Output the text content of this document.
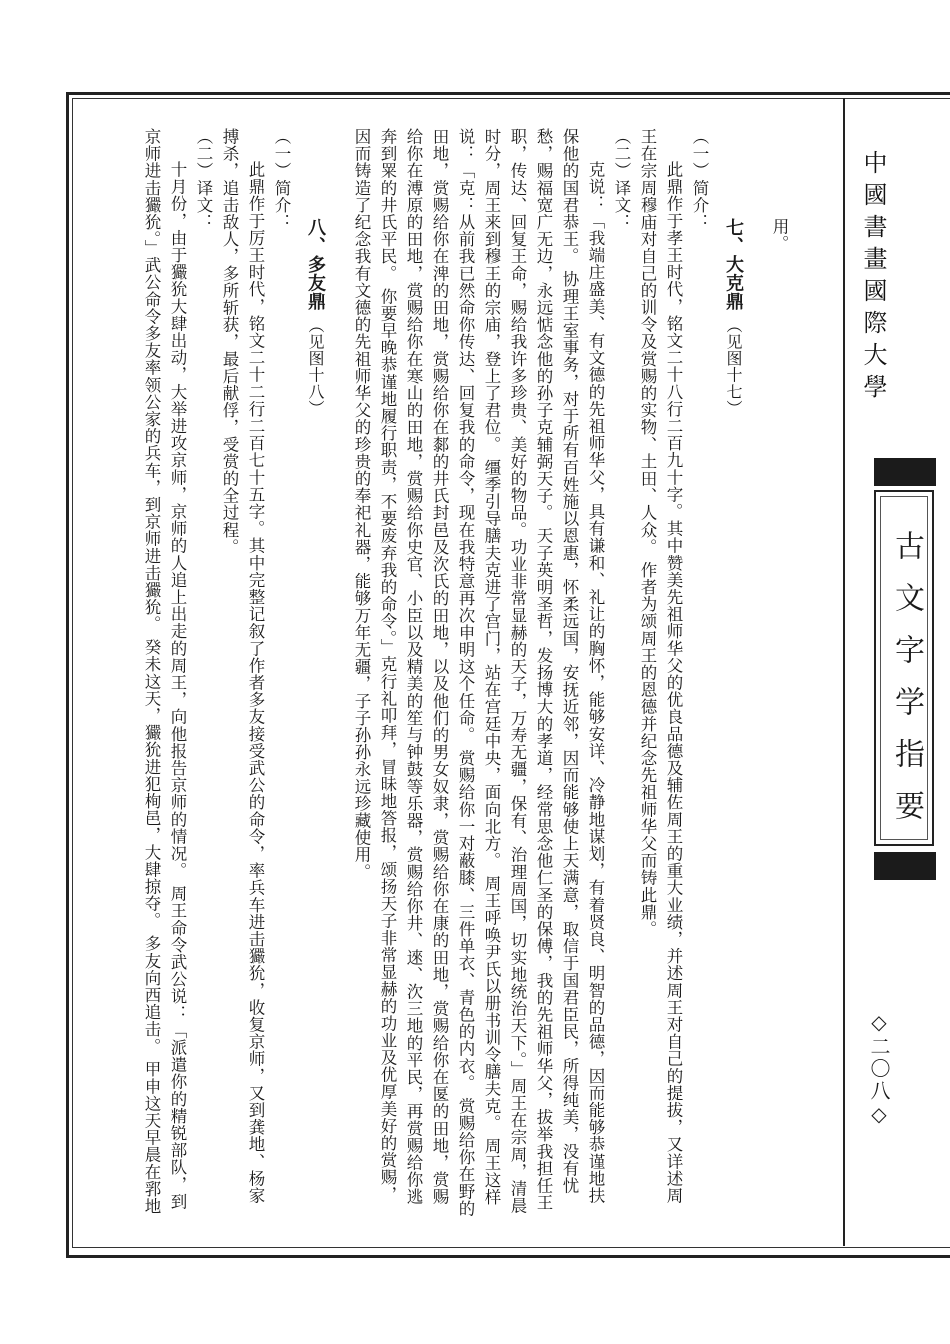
中國書畫國際大學
古文字学指要
◇二〇八◇

用。

七、大克鼎 （见图十七）

（一）简介：

此鼎作于孝王时代，铭文二十八行二百九十字。其中赞美先祖师华父的优良品德及辅佐周王的重大业绩，并述周王对自己的提拔，又详述周王在宗周穆庙对自己的训令及赏赐的实物、土田、人众。 作者为颂周王的恩德并纪念先祖师华父而铸此鼎。

（二）译文：

克说：「我端庄盛美、有文德的先祖师华父，具有谦和、礼让的胸怀，能够安详、冷静地谋划，有着贤良、明智的品德，因而能够恭谨地扶保他的国君恭王。 协理王室事务，对于所有百姓施以恩惠，怀柔远国，安抚近邻，因而能够使上天满意，取信于国君臣民，所得纯美，没有忧愁，赐福宽广无边，永远惦念他的孙子克辅弼天子。 天子英明圣哲，发扬博大的孝道，经常思念他仁圣的保傅，我的先祖师华父，拔举我担任王职，传达、回复王命，赐给我许多珍贵、美好的物品。功业非常显赫的天子，万寿无疆，保有、治理周国，切实地统治天下。」周王在宗周，清晨时分，周王来到穆王的宗庙，登上了君位。 缰季引导膳夫克进了宫门，站在宫廷中央，面向北方。 周王呼唤尹氏以册书训令膳夫克。 周王这样说：「克：从前我已然命你传达、回复我的命令，现在我特意再次申明这个任命。 赏赐给你一对蔽膝、三件单衣、青色的内衣。 赏赐给你在野的田地，赏赐给你在渒的田地，赏赐给你在䣛的井氏封邑及㳄氏的田地，以及他们的男女奴隶，赏赐给你在康的田地，赏赐给你在匽的田地，赏赐给你在溥原的田地，赏赐给你在寒山的田地，赏赐给你史官、小臣以及精美的笙与钟鼓等乐器，赏赐给你井、逨、㳄三地的平民，再赏赐给你逃奔到䍘的井氏平民。 你要早晚恭谨地履行职责，不要废弃我的命令。」克行礼叩拜，冒昧地答报，颂扬天子非常显赫的功业及优厚美好的赏赐，因而铸造了纪念我有文德的先祖师华父的珍贵的奉祀礼器，能够万年无疆，子子孙孙永远珍藏使用。

八、多友鼎 （见图十八）

（一）简介：

此鼎作于厉王时代，铭文二十二行二百七十五字。其中完整记叙了作者多友接受武公的命令，率兵车进击玁狁，收复京师，又到龚地、杨家搏杀，追击敌人，多所斩获，最后献俘，受赏的全过程。

（二）译文：

十月份，由于玁狁大肆出动，大举进攻京师，京师的人追上出走的周王，向他报告京师的情况。 周王命令武公说：「派遣你的精锐部队，到京师进击玁狁。」武公命令多友率领公家的兵车，到京师进击玁狁。 癸未这天，玁狁进犯栒邑，大肆掠夺。 多友向西追击。 甲申这天早晨在郛地
